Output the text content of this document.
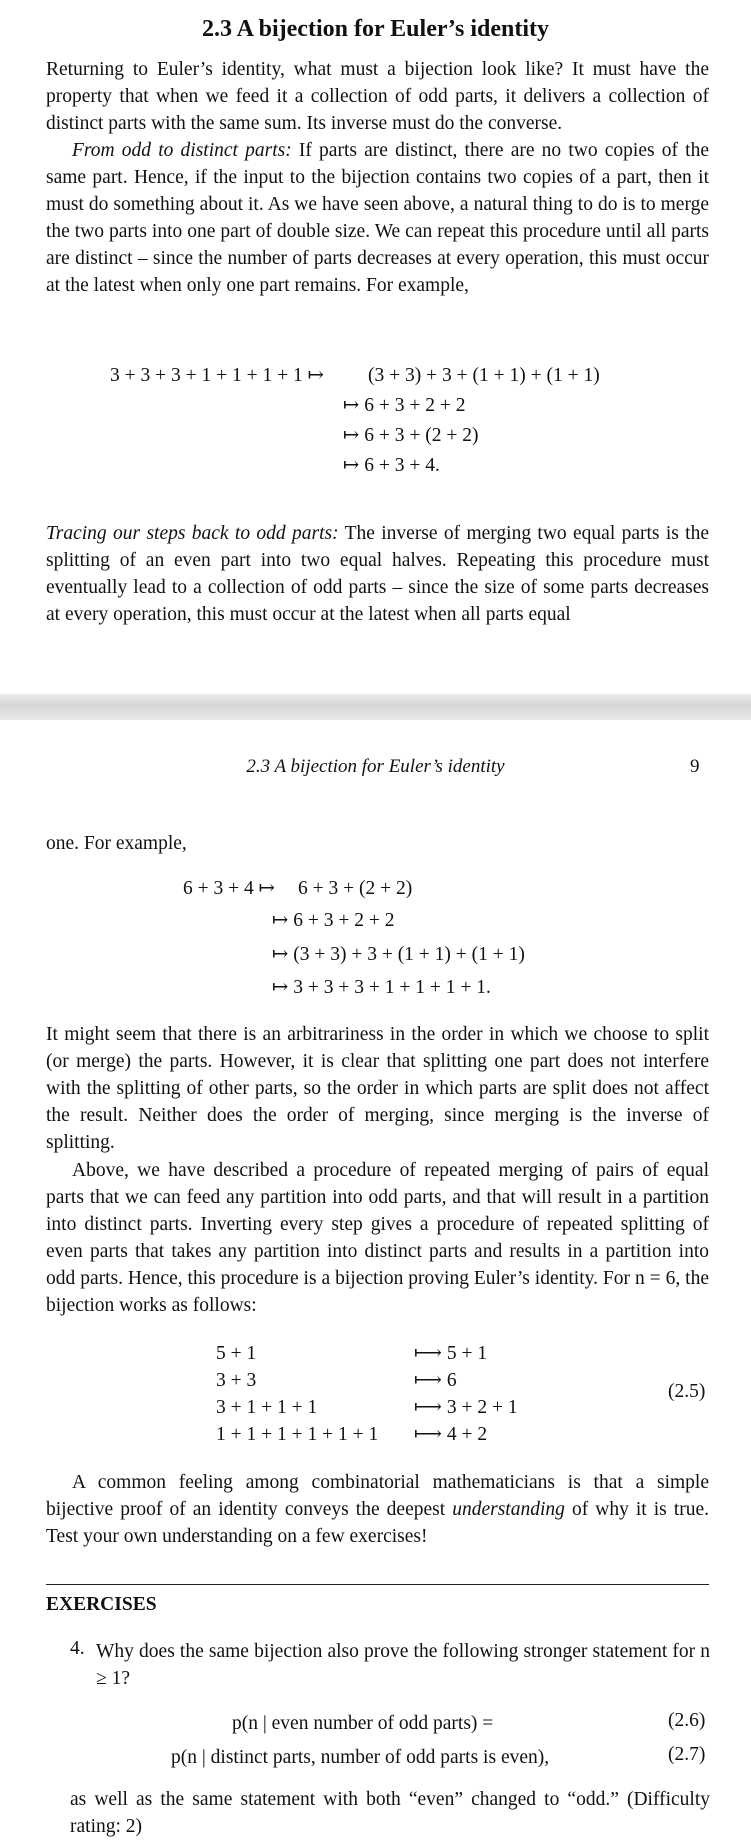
2.3 A bijection for Euler’s identity

Returning to Euler’s identity, what must a bijection look like? It must have the property that when we feed it a collection of odd parts, it delivers a collection of distinct parts with the same sum. Its inverse must do the converse.

From odd to distinct parts: If parts are distinct, there are no two copies of the same part. Hence, if the input to the bijection contains two copies of a part, then it must do something about it. As we have seen above, a natural thing to do is to merge the two parts into one part of double size. We can repeat this procedure until all parts are distinct – since the number of parts decreases at every operation, this must occur at the latest when only one part remains. For example,

3 + 3 + 3 + 1 + 1 + 1 + 1 ↦ (3 + 3) + 3 + (1 + 1) + (1 + 1)
↦ 6 + 3 + 2 + 2
↦ 6 + 3 + (2 + 2)
↦ 6 + 3 + 4.

Tracing our steps back to odd parts: The inverse of merging two equal parts is the splitting of an even part into two equal halves. Repeating this procedure must eventually lead to a collection of odd parts – since the size of some parts decreases at every operation, this must occur at the latest when all parts equal

2.3 A bijection for Euler’s identity	9

one. For example,

6 + 3 + 4 ↦ 6 + 3 + (2 + 2)
↦ 6 + 3 + 2 + 2
↦ (3 + 3) + 3 + (1 + 1) + (1 + 1)
↦ 3 + 3 + 3 + 1 + 1 + 1 + 1.

It might seem that there is an arbitrariness in the order in which we choose to split (or merge) the parts. However, it is clear that splitting one part does not interfere with the splitting of other parts, so the order in which parts are split does not affect the result. Neither does the order of merging, since merging is the inverse of splitting.

Above, we have described a procedure of repeated merging of pairs of equal parts that we can feed any partition into odd parts, and that will result in a partition into distinct parts. Inverting every step gives a procedure of repeated splitting of even parts that takes any partition into distinct parts and results in a partition into odd parts. Hence, this procedure is a bijection proving Euler’s identity. For n = 6, the bijection works as follows:

5 + 1	⟼ 5 + 1
3 + 3	⟼ 6
3 + 1 + 1 + 1	⟼ 3 + 2 + 1
1 + 1 + 1 + 1 + 1 + 1 ⟼ 4 + 2
(2.5)

A common feeling among combinatorial mathematicians is that a simple bijective proof of an identity conveys the deepest understanding of why it is true. Test your own understanding on a few exercises!

EXERCISES
4. Why does the same bijection also prove the following stronger statement for n ≥ 1?

p(n | even number of odd parts) =	(2.6)
p(n | distinct parts, number of odd parts is even),	(2.7)

as well as the same statement with both “even” changed to “odd.” (Difficulty rating: 2)
